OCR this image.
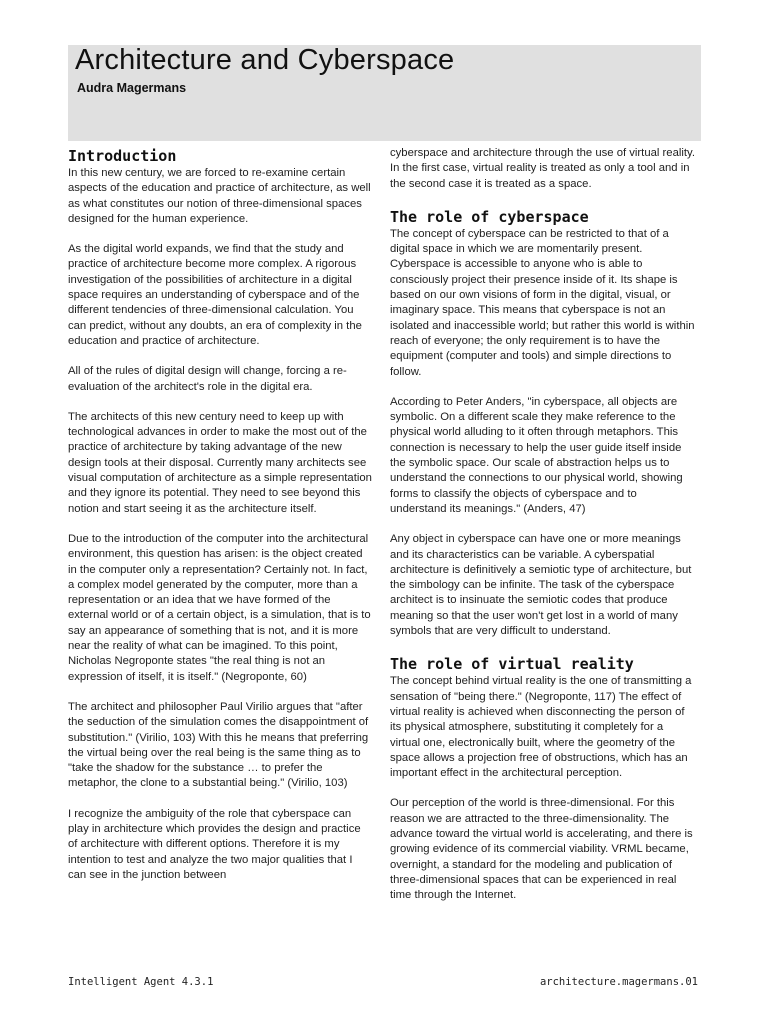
Architecture and Cyberspace
Audra Magermans
Introduction

In this new century, we are forced to re-examine certain aspects of the education and practice of architecture, as well as what constitutes our notion of three-dimensional spaces designed for the human experience.

As the digital world expands, we find that the study and practice of architecture become more complex. A rigorous investigation of the possibilities of architecture in a digital space requires an understanding of cyberspace and of the different tendencies of three-dimensional calculation. You can predict, without any doubts, an era of complexity in the education and practice of architecture.

All of the rules of digital design will change, forcing a re-evaluation of the architect's role in the digital era.

The architects of this new century need to keep up with technological advances in order to make the most out of the practice of architecture by taking advantage of the new design tools at their disposal. Currently many architects see visual computation of architecture as a simple representation and they ignore its potential. They need to see beyond this notion and start seeing it as the architecture itself.

Due to the introduction of the computer into the architectural environment, this question has arisen: is the object created in the computer only a representation? Certainly not. In fact, a complex model generated by the computer, more than a representation or an idea that we have formed of the external world or of a certain object, is a simulation, that is to say an appearance of something that is not, and it is more near the reality of what can be imagined. To this point, Nicholas Negroponte states "the real thing is not an expression of itself, it is itself." (Negroponte, 60)

The architect and philosopher Paul Virilio argues that "after the seduction of the simulation comes the disappointment of substitution." (Virilio, 103) With this he means that preferring the virtual being over the real being is the same thing as to "take the shadow for the substance … to prefer the metaphor, the clone to a substantial being." (Virilio, 103)

I recognize the ambiguity of the role that cyberspace can play in architecture which provides the design and practice of architecture with different options. Therefore it is my intention to test and analyze the two major qualities that I can see in the junction between

cyberspace and architecture through the use of virtual reality. In the first case, virtual reality is treated as only a tool and in the second case it is treated as a space.

The role of cyberspace

The concept of cyberspace can be restricted to that of a digital space in which we are momentarily present. Cyberspace is accessible to anyone who is able to consciously project their presence inside of it. Its shape is based on our own visions of form in the digital, visual, or imaginary space. This means that cyberspace is not an isolated and inaccessible world; but rather this world is within reach of everyone; the only requirement is to have the equipment (computer and tools) and simple directions to follow.

According to Peter Anders, "in cyberspace, all objects are symbolic. On a different scale they make reference to the physical world alluding to it often through metaphors. This connection is necessary to help the user guide itself inside the symbolic space. Our scale of abstraction helps us to understand the connections to our physical world, showing forms to classify the objects of cyberspace and to understand its meanings." (Anders, 47)

Any object in cyberspace can have one or more meanings and its characteristics can be variable. A cyberspatial architecture is definitively a semiotic type of architecture, but the simbology can be infinite. The task of the cyberspace architect is to insinuate the semiotic codes that produce meaning so that the user won't get lost in a world of many symbols that are very difficult to understand.

The role of virtual reality

The concept behind virtual reality is the one of transmitting a sensation of "being there." (Negroponte, 117) The effect of virtual reality is achieved when disconnecting the person of its physical atmosphere, substituting it completely for a virtual one, electronically built, where the geometry of the space allows a projection free of obstructions, which has an important effect in the architectural perception.

Our perception of the world is three-dimensional. For this reason we are attracted to the three-dimensionality. The advance toward the virtual world is accelerating, and there is growing evidence of its commercial viability. VRML became, overnight, a standard for the modeling and publication of three-dimensional spaces that can be experienced in real time through the Internet.

Intelligent Agent 4.3.1	architecture.magermans.01
